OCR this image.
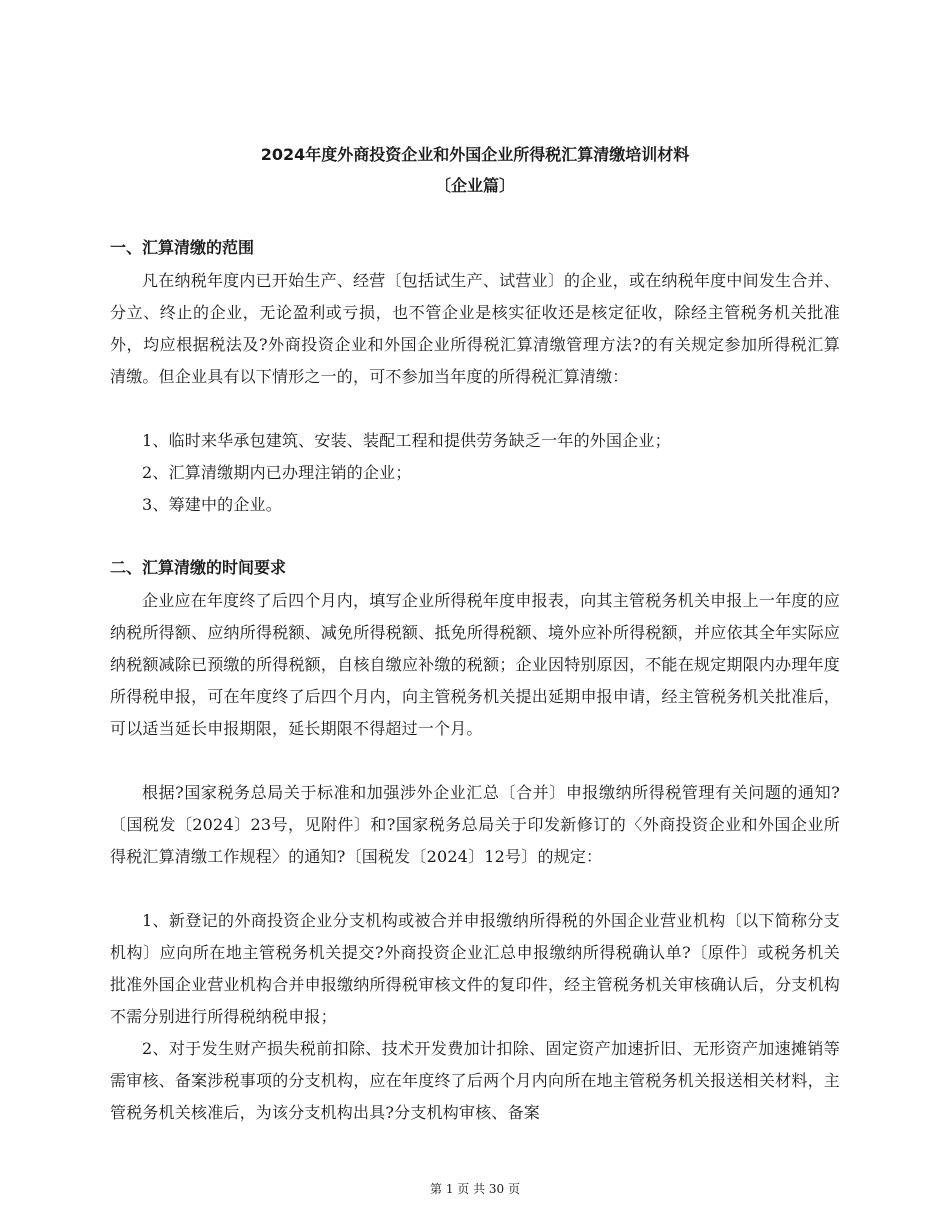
2024年度外商投资企业和外国企业所得税汇算清缴培训材料
〔企业篇〕
一、汇算清缴的范围
凡在纳税年度内已开始生产、经营〔包括试生产、试营业〕的企业，或在纳税年度中间发生合并、分立、终止的企业，无论盈利或亏损，也不管企业是核实征收还是核定征收，除经主管税务机关批准外，均应根据税法及?外商投资企业和外国企业所得税汇算清缴管理方法?的有关规定参加所得税汇算清缴。但企业具有以下情形之一的，可不参加当年度的所得税汇算清缴：
1、临时来华承包建筑、安装、装配工程和提供劳务缺乏一年的外国企业；
2、汇算清缴期内已办理注销的企业；
3、筹建中的企业。
二、汇算清缴的时间要求
企业应在年度终了后四个月内，填写企业所得税年度申报表，向其主管税务机关申报上一年度的应纳税所得额、应纳所得税额、减免所得税额、抵免所得税额、境外应补所得税额，并应依其全年实际应纳税额减除已预缴的所得税额，自核自缴应补缴的税额；企业因特别原因，不能在规定期限内办理年度所得税申报，可在年度终了后四个月内，向主管税务机关提出延期申报申请，经主管税务机关批准后，可以适当延长申报期限，延长期限不得超过一个月。
根据?国家税务总局关于标准和加强涉外企业汇总〔合并〕申报缴纳所得税管理有关问题的通知?〔国税发〔2024〕23号，见附件〕和?国家税务总局关于印发新修订的〈外商投资企业和外国企业所得税汇算清缴工作规程〉的通知?〔国税发〔2024〕12号〕的规定：
1、新登记的外商投资企业分支机构或被合并申报缴纳所得税的外国企业营业机构〔以下简称分支机构〕应向所在地主管税务机关提交?外商投资企业汇总申报缴纳所得税确认单?〔原件〕或税务机关批准外国企业营业机构合并申报缴纳所得税审核文件的复印件，经主管税务机关审核确认后，分支机构不需分别进行所得税纳税申报；
2、对于发生财产损失税前扣除、技术开发费加计扣除、固定资产加速折旧、无形资产加速摊销等需审核、备案涉税事项的分支机构，应在年度终了后两个月内向所在地主管税务机关报送相关材料，主管税务机关核准后，为该分支机构出具?分支机构审核、备案
第 1 页 共 30 页
